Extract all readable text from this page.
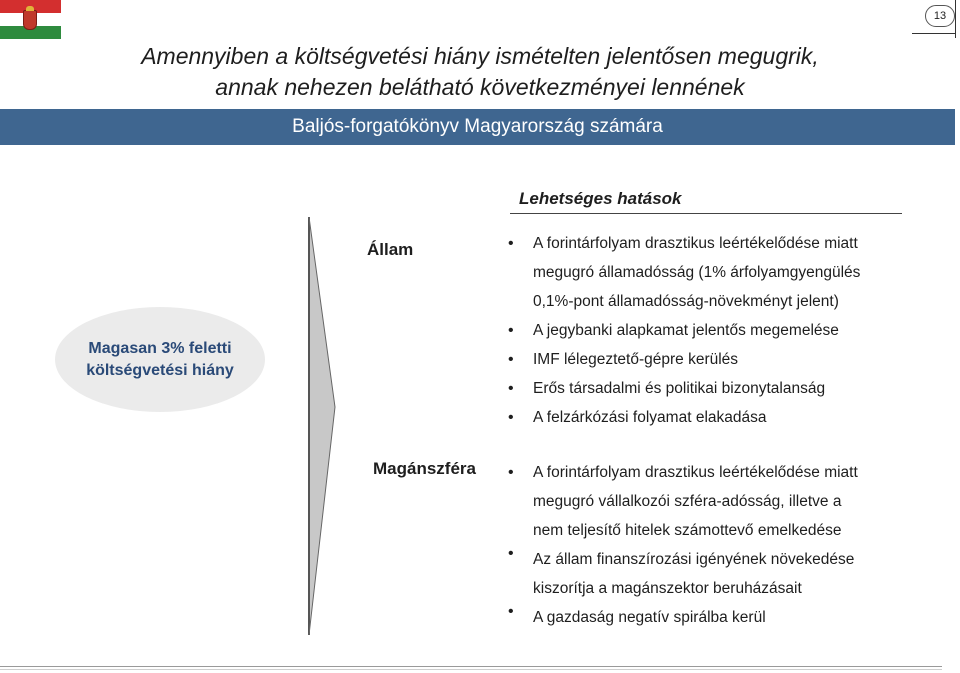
13
Amennyiben a költségvetési hiány ismételten jelentősen megugrik,
annak nehezen belátható következményei lennének
Baljós-forgatókönyv Magyarország számára
Lehetséges hatások
Magasan 3% feletti
költségvetési hiány
Állam
Magánszféra
• A forintárfolyam drasztikus leértékelődése miatt
megugró államadósság (1% árfolyamgyengülés
0,1%-pont államadósság-növekményt jelent)
• A jegybanki alapkamat jelentős megemelése
• IMF lélegeztető-gépre kerülés
• Erős társadalmi és politikai bizonytalanság
• A felzárkózási folyamat elakadása
• A forintárfolyam drasztikus leértékelődése miatt
megugró vállalkozói szféra-adósság, illetve a
nem teljesítő hitelek számottevő emelkedése
• Az állam finanszírozási igényének növekedése
kiszorítja a magánszektor beruházásait
• A gazdaság negatív spirálba kerül
